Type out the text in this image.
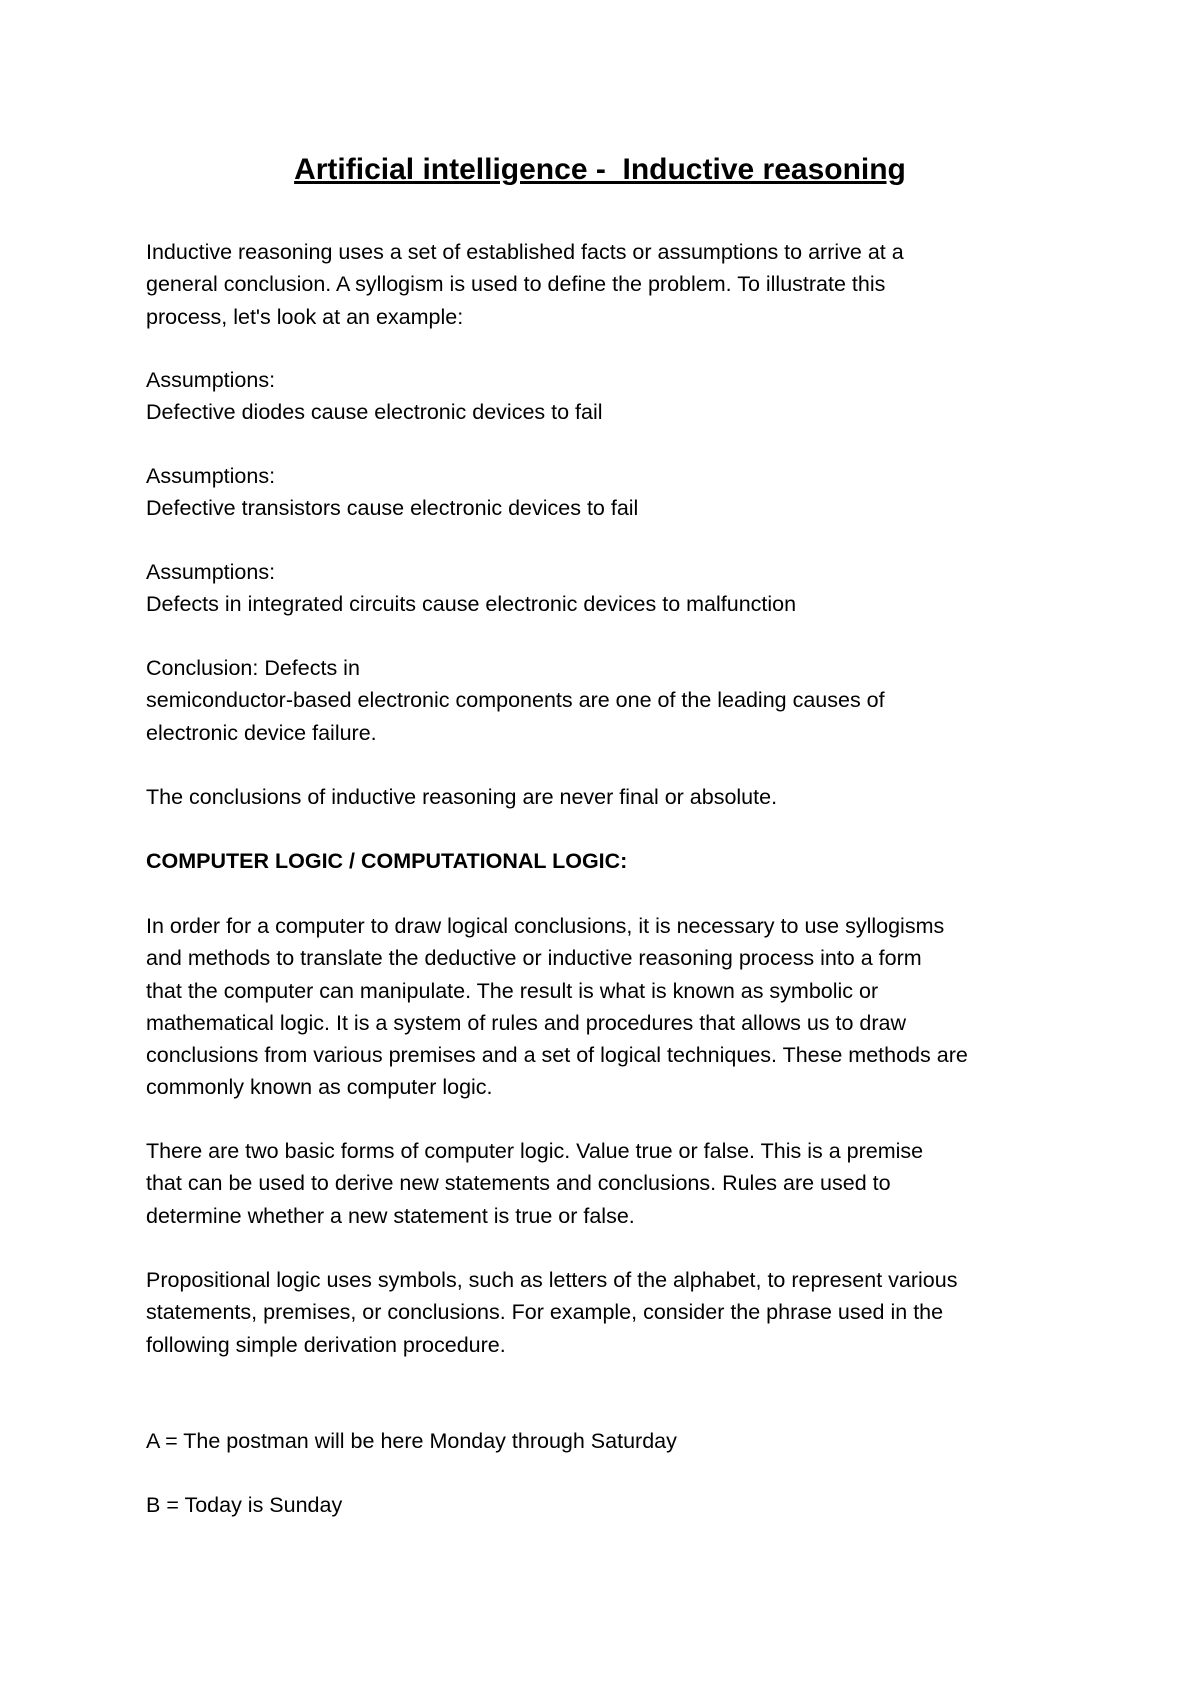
Artificial intelligence -  Inductive reasoning
Inductive reasoning uses a set of established facts or assumptions to arrive at a
general conclusion. A syllogism is used to define the problem. To illustrate this
process, let's look at an example:
Assumptions:
Defective diodes cause electronic devices to fail
Assumptions:
Defective transistors cause electronic devices to fail
Assumptions:
Defects in integrated circuits cause electronic devices to malfunction
Conclusion: Defects in
semiconductor-based electronic components are one of the leading causes of
electronic device failure.
The conclusions of inductive reasoning are never final or absolute.
COMPUTER LOGIC / COMPUTATIONAL LOGIC:
In order for a computer to draw logical conclusions, it is necessary to use syllogisms
and methods to translate the deductive or inductive reasoning process into a form
that the computer can manipulate. The result is what is known as symbolic or
mathematical logic. It is a system of rules and procedures that allows us to draw
conclusions from various premises and a set of logical techniques. These methods are
commonly known as computer logic.
There are two basic forms of computer logic. Value true or false. This is a premise
that can be used to derive new statements and conclusions. Rules are used to
determine whether a new statement is true or false.
Propositional logic uses symbols, such as letters of the alphabet, to represent various
statements, premises, or conclusions. For example, consider the phrase used in the
following simple derivation procedure.
A = The postman will be here Monday through Saturday
B = Today is Sunday
